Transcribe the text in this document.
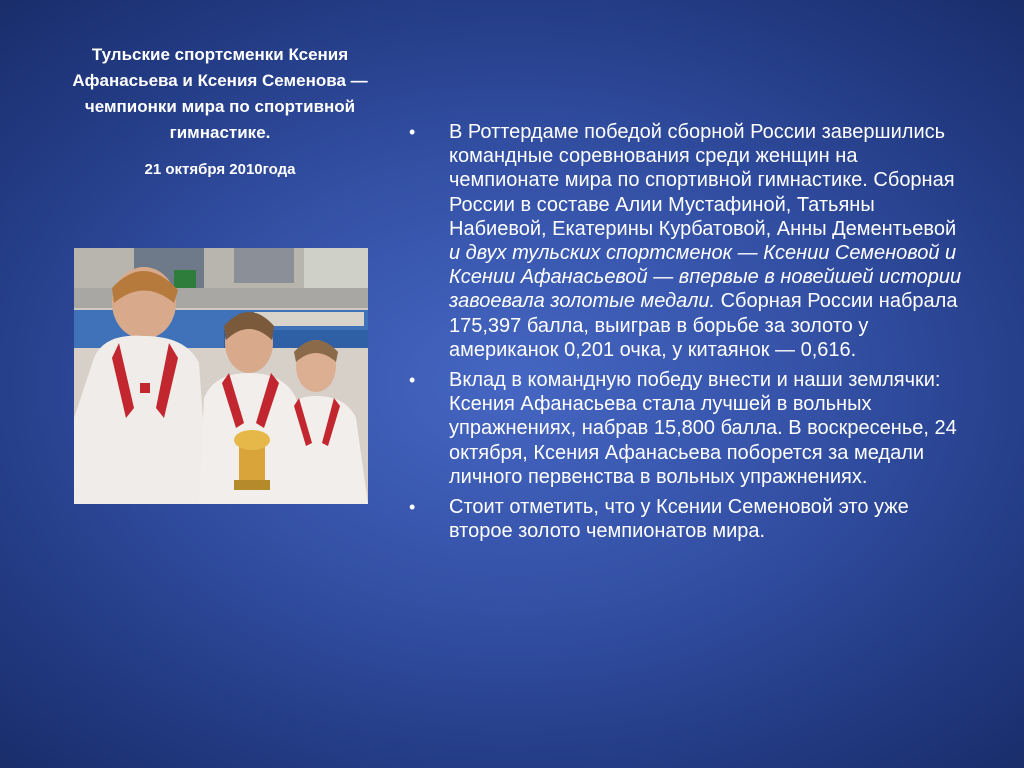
Тульские спортсменки Ксения Афанасьева и Ксения Семенова — чемпионки мира по спортивной гимнастике.

21 октября 2010года
• В Роттердаме победой сборной России завершились командные соревнования среди женщин на чемпионате мира по спортивной гимнастике. Сборная России в составе Алии Мустафиной, Татьяны Набиевой, Екатерины Курбатовой, Анны Дементьевой и двух тульских спортсменок — Ксении Семеновой и Ксении Афанасьевой — впервые в новейшей истории завоевала золотые медали. Сборная России набрала 175,397 балла, выиграв в борьбе за золото у американок 0,201 очка, у китаянок — 0,616.
• Вклад в командную победу внести и наши землячки: Ксения Афанасьева стала лучшей в вольных упражнениях, набрав 15,800 балла. В воскресенье, 24 октября, Ксения Афанасьева поборется за медали личного первенства в вольных упражнениях.
• Стоит отметить, что у Ксении Семеновой это уже второе золото чемпионатов мира.
